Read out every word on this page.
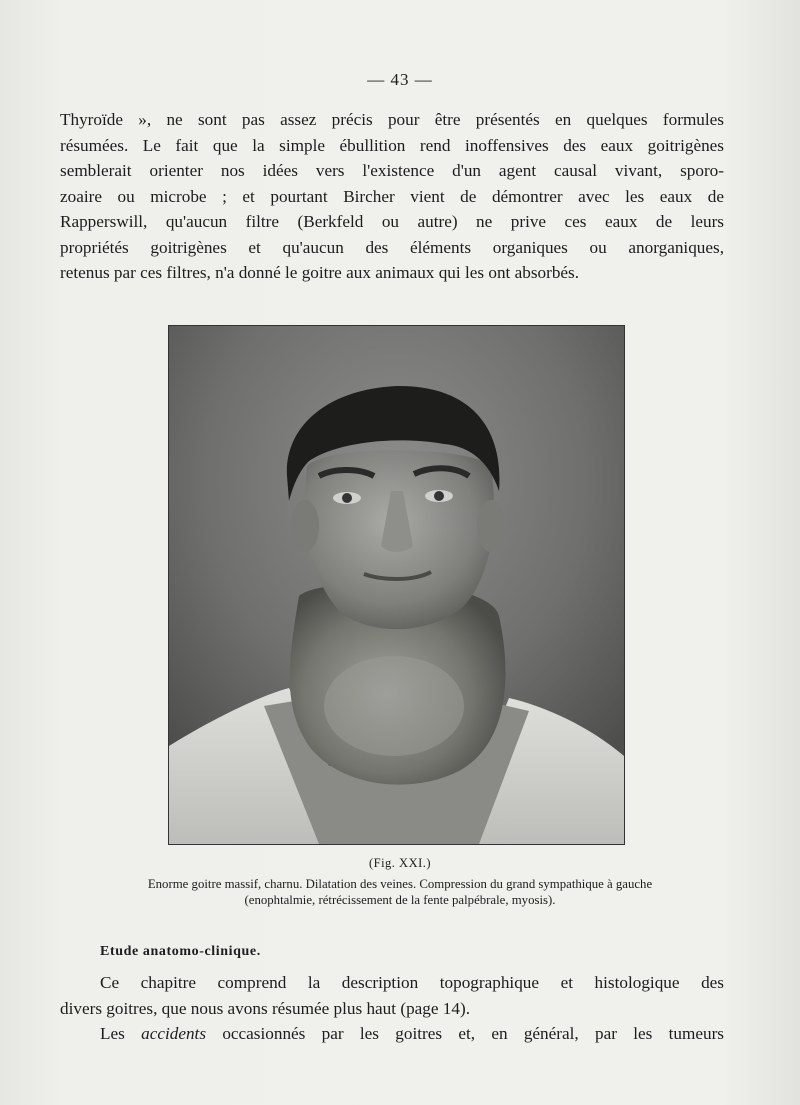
— 43 —
Thyroïde », ne sont pas assez précis pour être présentés en quelques formules
résumées. Le fait que la simple ébullition rend inoffensives des eaux goitrigènes
semblerait orienter nos idées vers l'existence d'un agent causal vivant, sporo-
zoaire ou microbe ; et pourtant Bircher vient de démontrer avec les eaux de
Rapperswill, qu'aucun filtre (Berkfeld ou autre) ne prive ces eaux de leurs
propriétés goitrigènes et qu'aucun des éléments organiques ou anorganiques,
retenus par ces filtres, n'a donné le goitre aux animaux qui les ont absorbés.
(Fig. XXI.)
Enorme goitre massif, charnu. Dilatation des veines. Compression du grand sympathique à gauche
(enophtalmie, rétrécissement de la fente palpébrale, myosis).
Etude anatomo-clinique.
Ce chapitre comprend la description topographique et histologique des
divers goitres, que nous avons résumée plus haut (page 14).
Les accidents occasionnés par les goitres et, en général, par les tumeurs
